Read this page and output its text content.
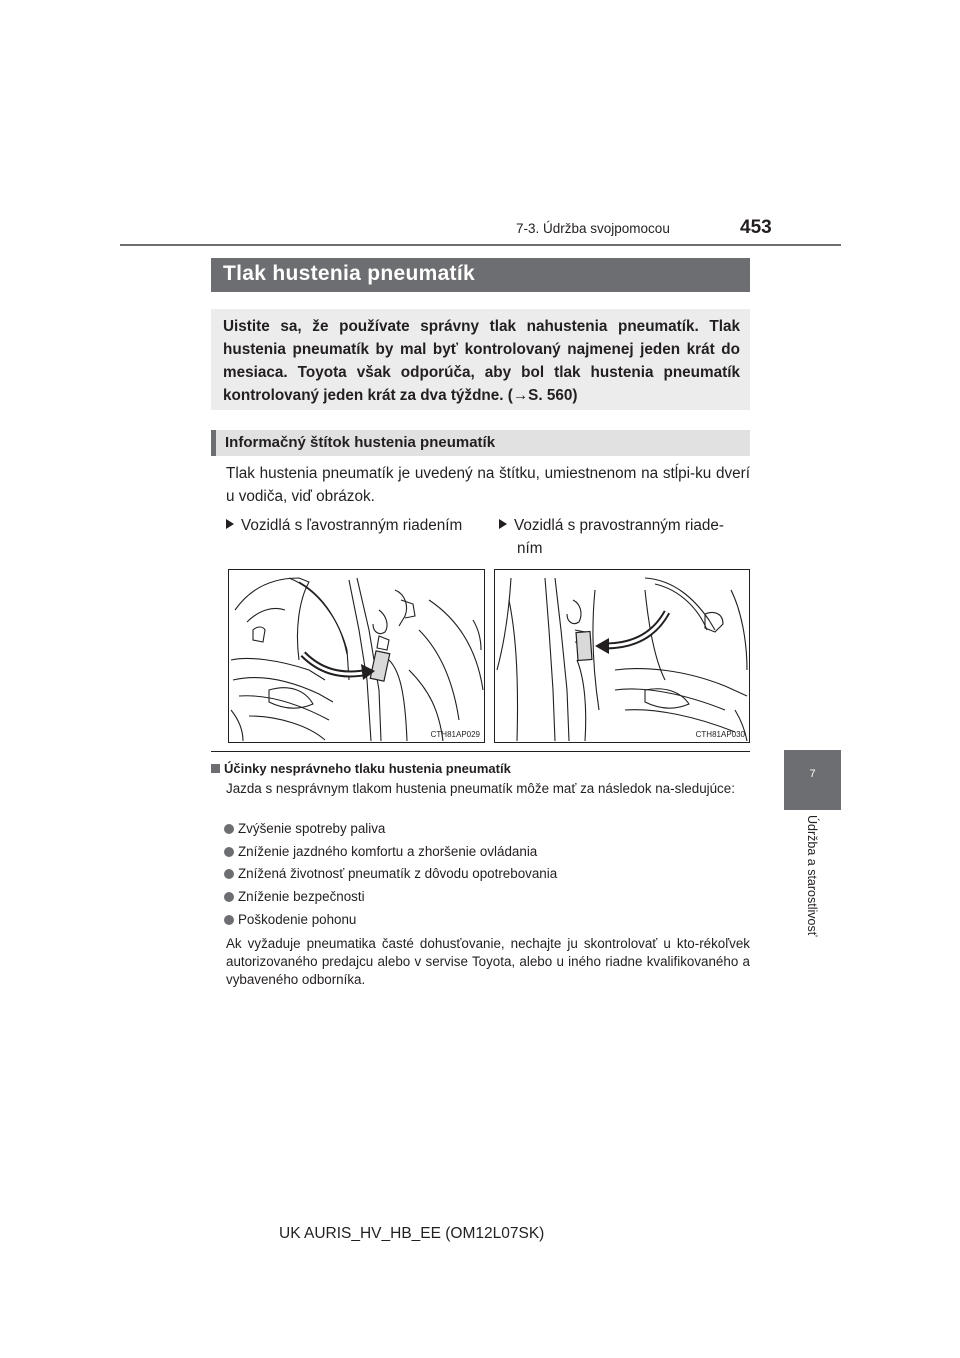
7-3. Údržba svojpomocou	453
7
Údržba a starostlivosť
Tlak hustenia pneumatík

Uistite sa, že používate správny tlak nahustenia pneumatík. Tlak hustenia pneumatík by mal byť kontrolovaný najmenej jeden krát do mesiaca. Toyota však odporúča, aby bol tlak hustenia pneumatík kontrolovaný jeden krát za dva týždne. (→S. 560)

Informačný štítok hustenia pneumatík
Tlak hustenia pneumatík je uvedený na štítku, umiestnenom na stĺpi-ku dverí u vodiča, viď obrázok.
Vozidlá s ľavostranným riadením	Vozidlá s pravostranným riade-
ním
CTH81AP029	CTH81AP030
Účinky nesprávneho tlaku hustenia pneumatík
Jazda s nesprávnym tlakom hustenia pneumatík môže mať za následok na-sledujúce:
Zvýšenie spotreby paliva
Zníženie jazdného komfortu a zhoršenie ovládania
Znížená životnosť pneumatík z dôvodu opotrebovania
Zníženie bezpečnosti
Poškodenie pohonu
Ak vyžaduje pneumatika časté dohusťovanie, nechajte ju skontrolovať u kto-rékoľvek autorizovaného predajcu alebo v servise Toyota, alebo u iného riadne kvalifikovaného a vybaveného odborníka.
UK AURIS_HV_HB_EE (OM12L07SK)
